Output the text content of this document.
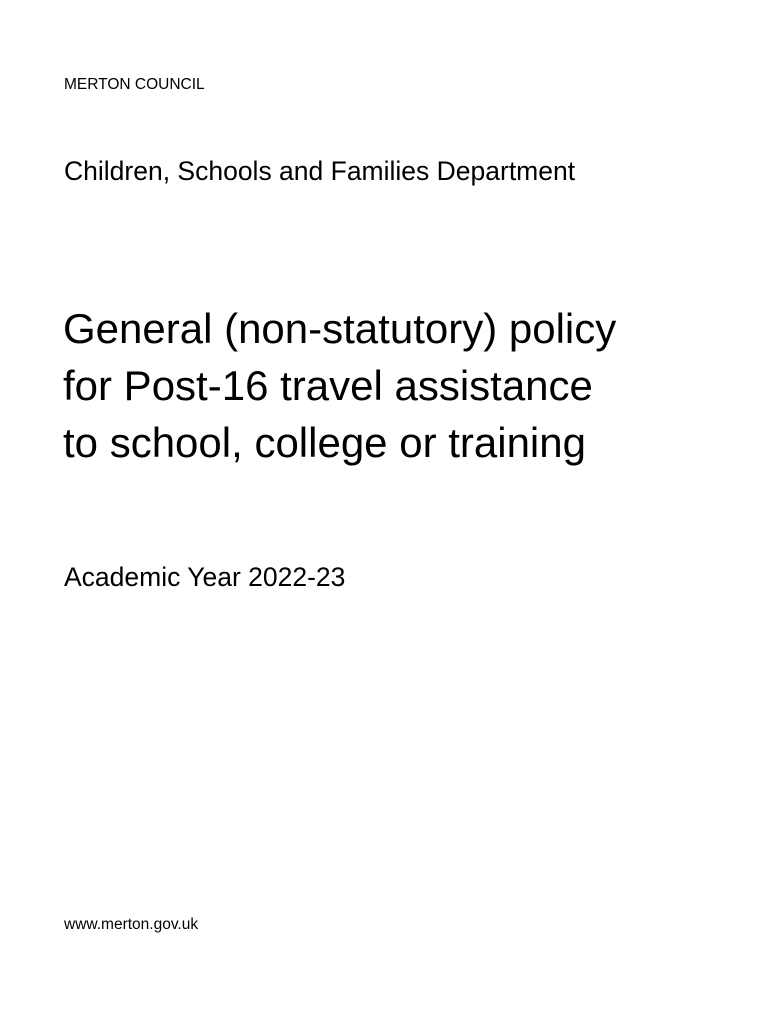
MERTON COUNCIL
Children, Schools and Families Department
General (non-statutory) policy
for Post-16 travel assistance
to school, college or training
Academic Year 2022-23
www.merton.gov.uk
